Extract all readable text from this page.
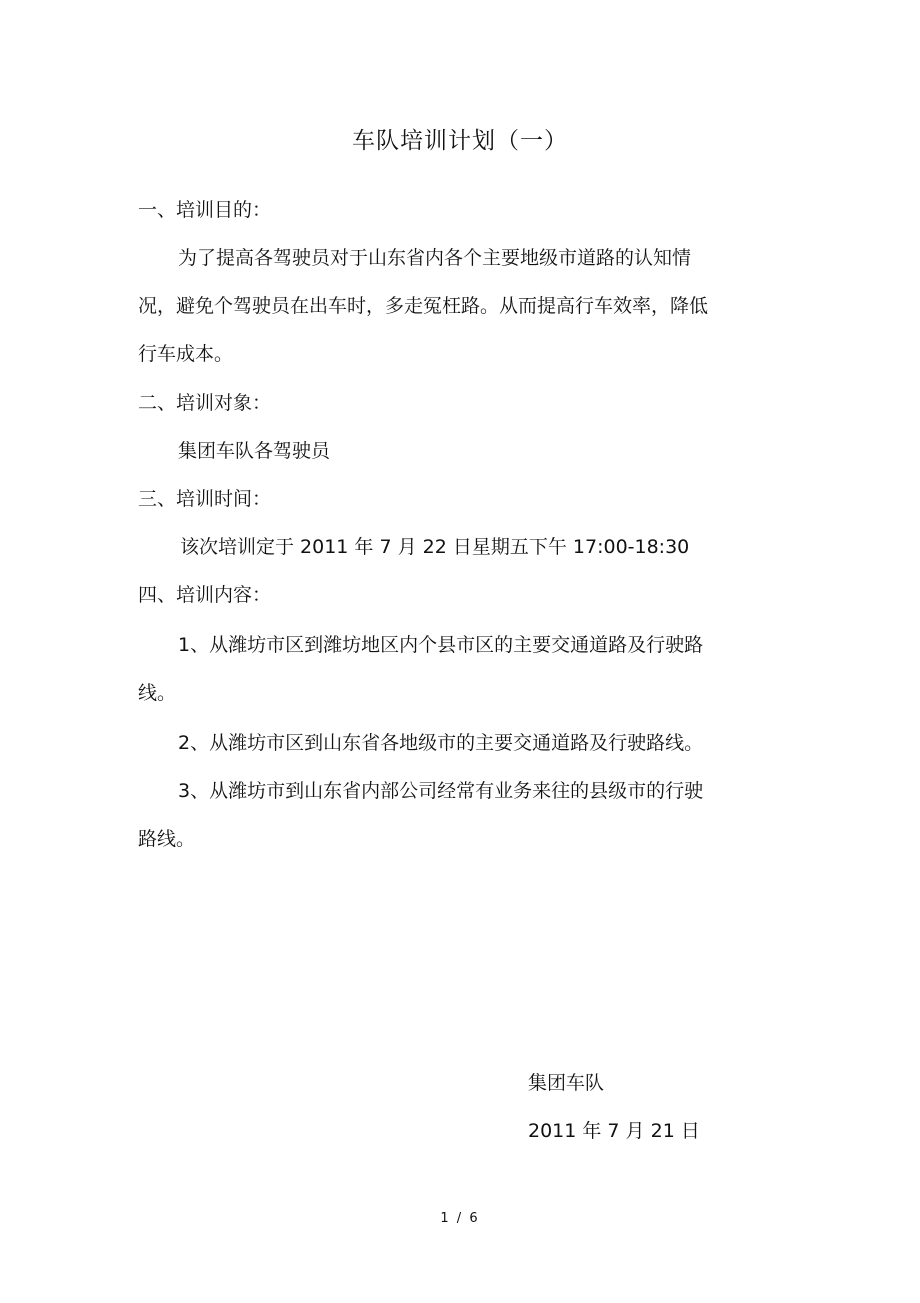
车队培训计划（一）
一、培训目的：
为了提高各驾驶员对于山东省内各个主要地级市道路的认知情
况，避免个驾驶员在出车时，多走冤枉路。从而提高行车效率，降低
行车成本。
二、培训对象：
集团车队各驾驶员
三、培训时间：
该次培训定于 2011 年 7 月 22 日星期五下午 17:00-18:30
四、培训内容：
1、从潍坊市区到潍坊地区内个县市区的主要交通道路及行驶路
线。
2、从潍坊市区到山东省各地级市的主要交通道路及行驶路线。
3、从潍坊市到山东省内部公司经常有业务来往的县级市的行驶
路线。
集团车队
2011 年 7 月 21 日
1 / 6
